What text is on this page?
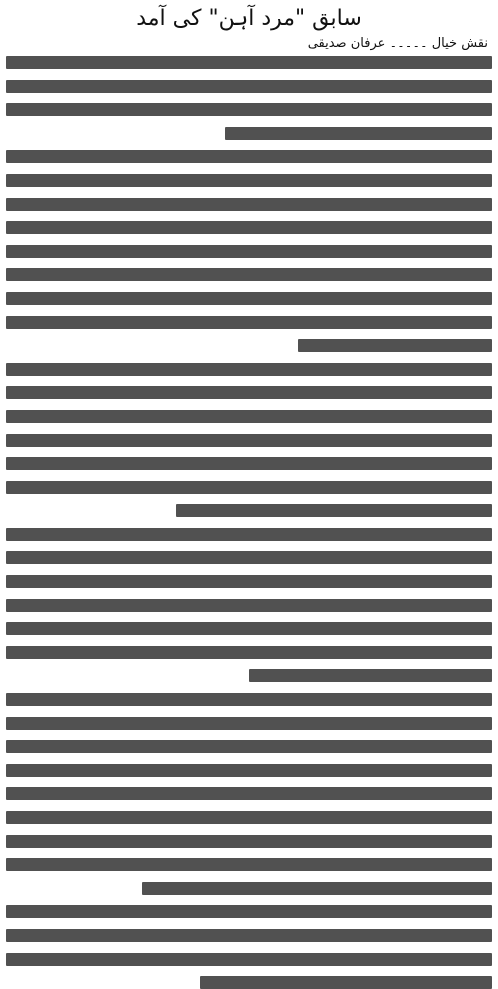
سابق "مرد آہن" کی آمد
نقش خیال ۔۔۔۔۔ عرفان صدیقی
